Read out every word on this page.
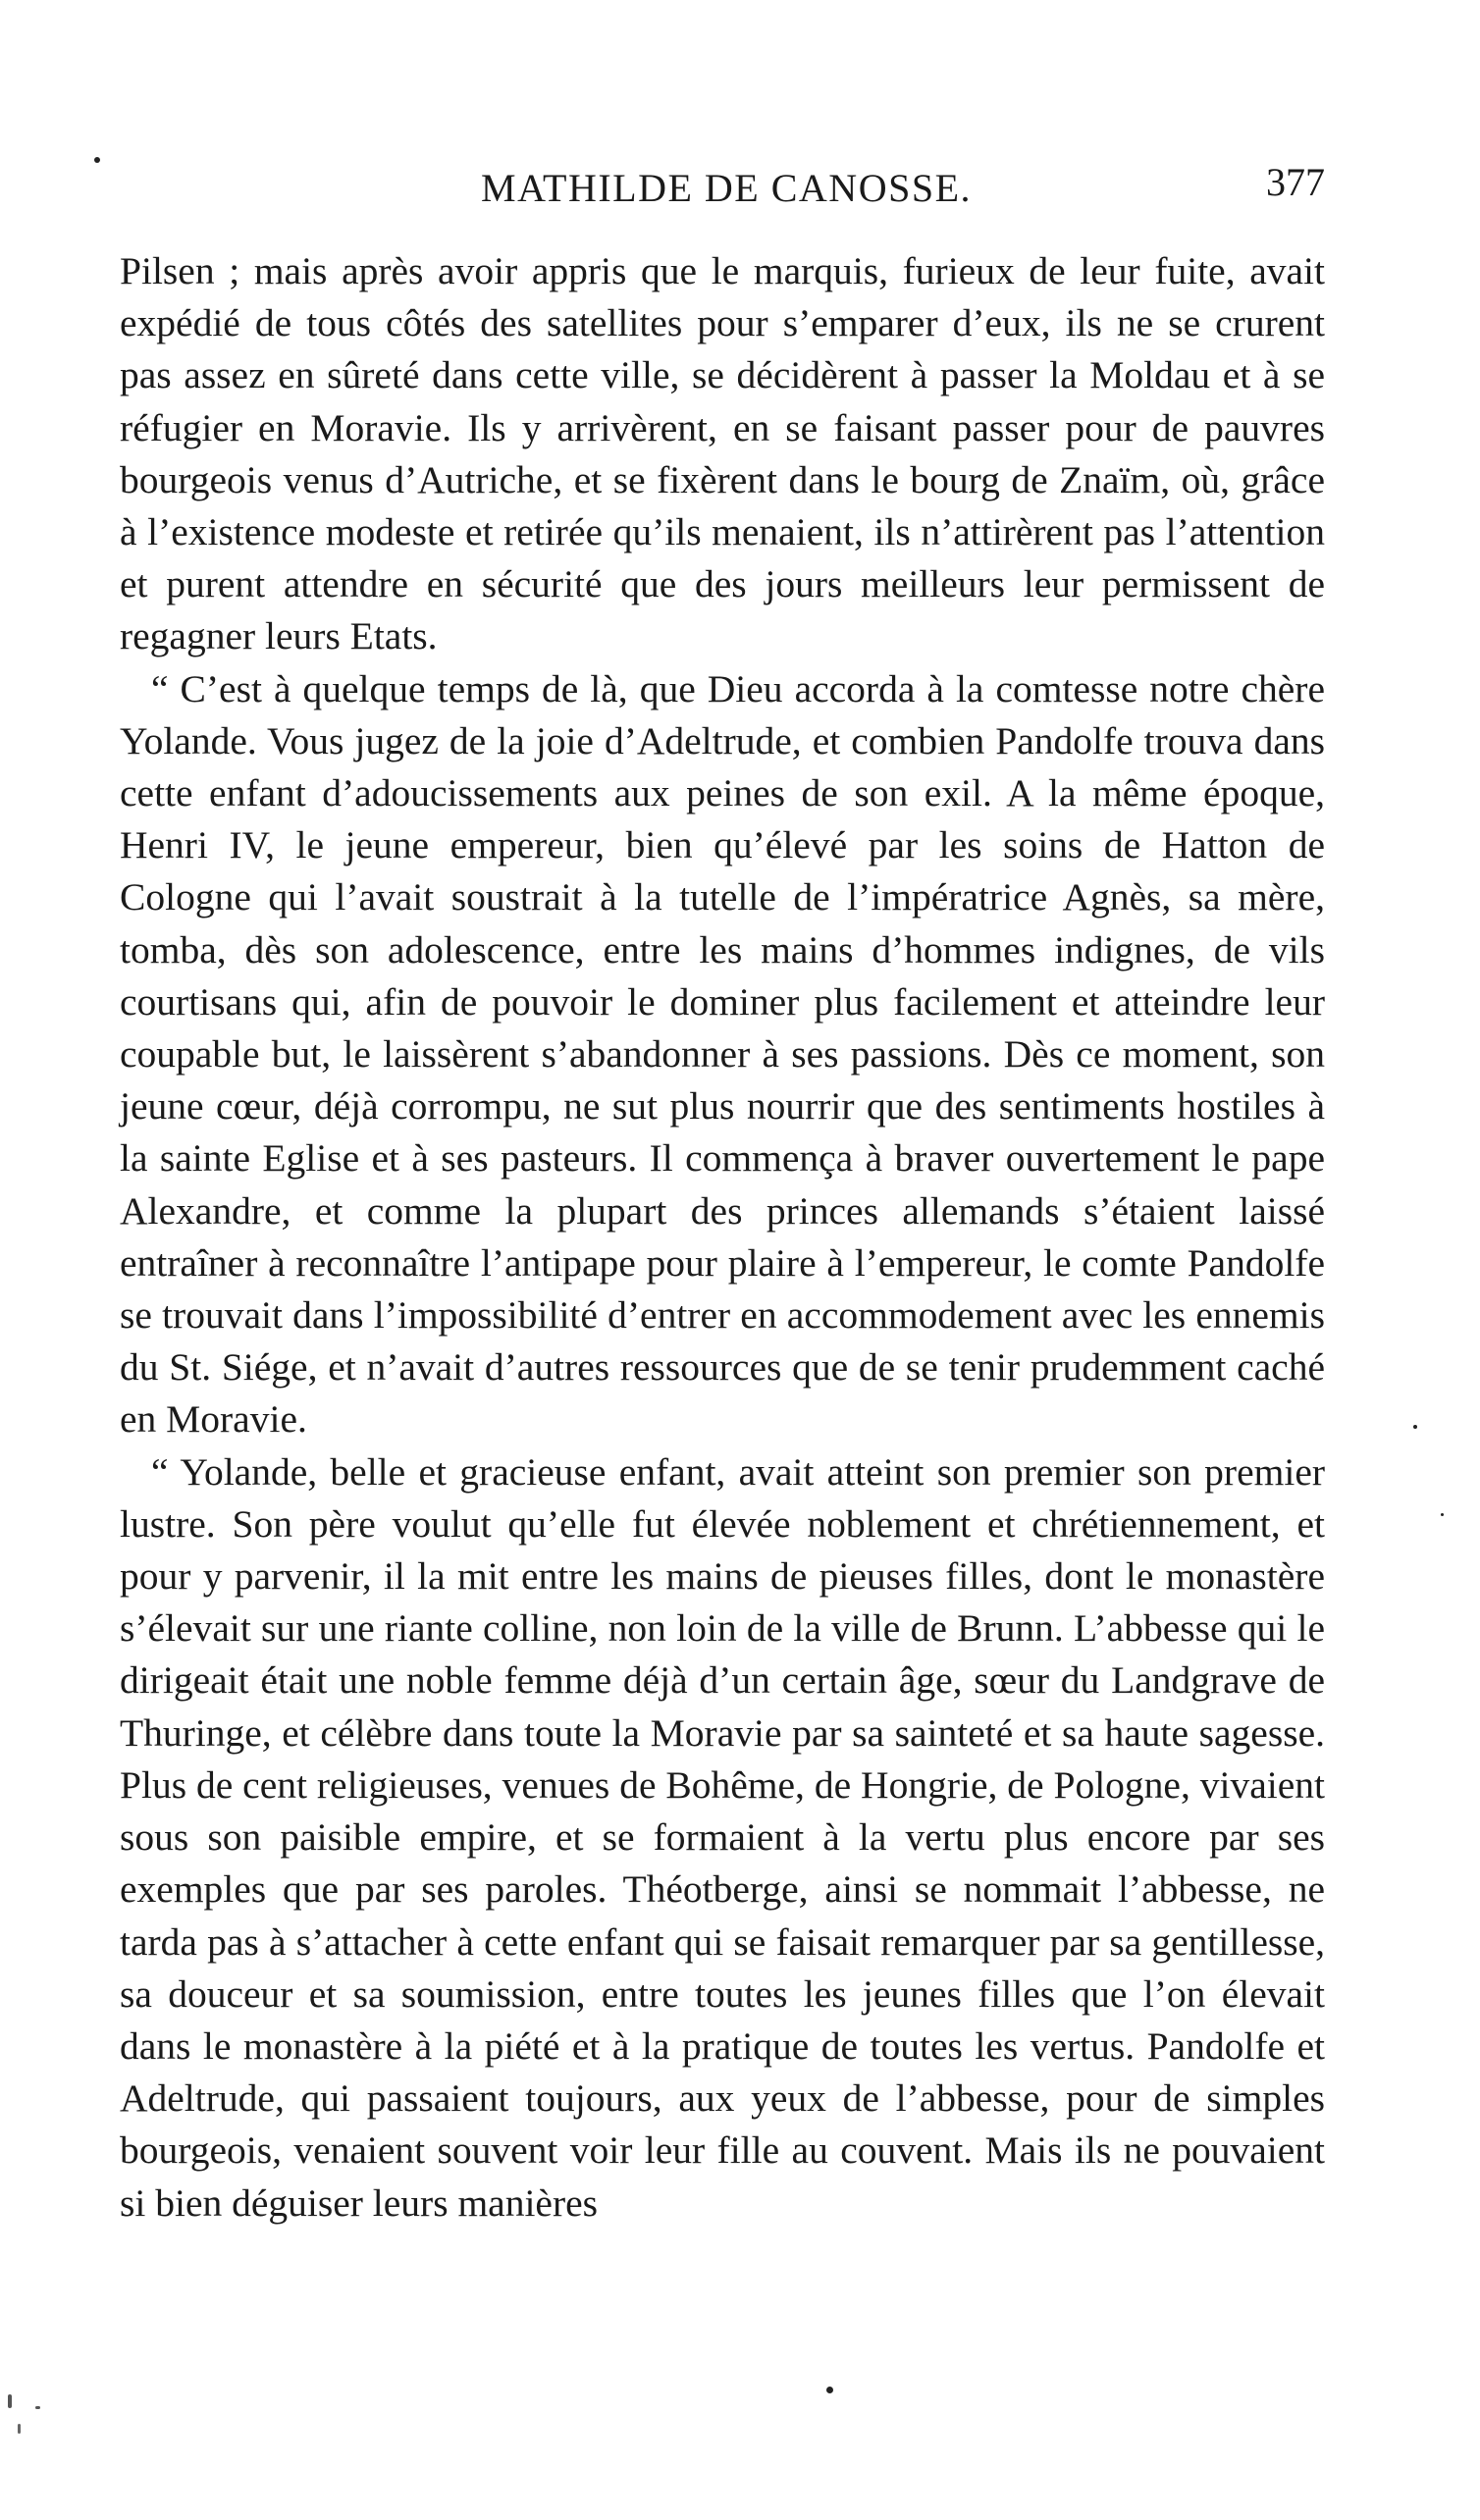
MATHILDE DE CANOSSE.	377

Pilsen ; mais après avoir appris que le marquis, furieux de leur fuite, avait expédié de tous côtés des satellites pour s’emparer d’eux, ils ne se crurent pas assez en sûreté dans cette ville, se décidèrent à passer la Moldau et à se réfugier en Moravie. Ils y arrivèrent, en se faisant passer pour de pauvres bourgeois venus d’Autriche, et se fixèrent dans le bourg de Znaïm, où, grâce à l’existence modeste et retirée qu’ils menaient, ils n’attirèrent pas l’attention et purent attendre en sécurité que des jours meilleurs leur permissent de regagner leurs Etats.

“ C’est à quelque temps de là, que Dieu accorda à la comtesse notre chère Yolande. Vous jugez de la joie d’Adeltrude, et combien Pandolfe trouva dans cette enfant d’adoucissements aux peines de son exil. A la même époque, Henri IV, le jeune empereur, bien qu’élevé par les soins de Hatton de Cologne qui l’avait soustrait à la tutelle de l’impératrice Agnès, sa mère, tomba, dès son adolescence, entre les mains d’hommes indignes, de vils courtisans qui, afin de pouvoir le dominer plus facilement et atteindre leur coupable but, le laissèrent s’abandonner à ses passions. Dès ce moment, son jeune cœur, déjà corrompu, ne sut plus nourrir que des sentiments hostiles à la sainte Eglise et à ses pasteurs. Il commença à braver ouvertement le pape Alexandre, et comme la plupart des princes allemands s’étaient laissé entraîner à reconnaître l’antipape pour plaire à l’empereur, le comte Pandolfe se trouvait dans l’impossibilité d’entrer en accommodement avec les ennemis du St. Siége, et n’avait d’autres ressources que de se tenir prudemment caché en Moravie.

“ Yolande, belle et gracieuse enfant, avait atteint son premier son premier lustre. Son père voulut qu’elle fut élevée noblement et chrétiennement, et pour y parvenir, il la mit entre les mains de pieuses filles, dont le monastère s’élevait sur une riante colline, non loin de la ville de Brunn. L’abbesse qui le dirigeait était une noble femme déjà d’un certain âge, sœur du Landgrave de Thuringe, et célèbre dans toute la Moravie par sa sainteté et sa haute sagesse. Plus de cent religieuses, venues de Bohême, de Hongrie, de Pologne, vivaient sous son paisible empire, et se formaient à la vertu plus encore par ses exemples que par ses paroles. Théotberge, ainsi se nommait l’abbesse, ne tarda pas à s’attacher à cette enfant qui se faisait remarquer par sa gentillesse, sa douceur et sa soumission, entre toutes les jeunes filles que l’on élevait dans le monastère à la piété et à la pratique de toutes les vertus. Pandolfe et Adeltrude, qui passaient toujours, aux yeux de l’abbesse, pour de simples bourgeois, venaient souvent voir leur fille au couvent. Mais ils ne pouvaient si bien déguiser leurs manières
